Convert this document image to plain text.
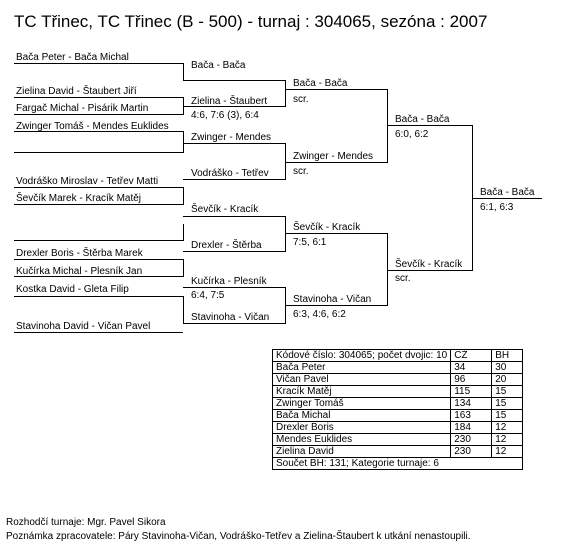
TC Třinec, TC Třinec (B - 500) - turnaj : 304065, sezóna : 2007
Bača Peter - Bača Michal
Zielina David - Štaubert Jiří
Fargač Michal - Pisárik Martin
Zwinger Tomáš - Mendes Euklides
Vodráško Miroslav - Tetřev Matti
Ševčík Marek - Kracík Matěj
Drexler Boris - Štěrba Marek
Kučírka Michal - Plesník Jan
Kostka David - Gleta Filip
Stavinoha David - Vičan Pavel
Bača - Bača
Zielina - Štaubert
4:6, 7:6 (3), 6:4
Zwinger - Mendes
Vodráško - Tetřev
Ševčík - Kracík
Drexler - Štěrba
Kučírka - Plesník
6:4, 7:5
Stavinoha - Vičan
Bača - Bača
scr.
Zwinger - Mendes
scr.
Ševčík - Kracík
7:5, 6:1
Stavinoha - Vičan
6:3, 4:6, 6:2
Bača - Bača
6:0, 6:2
Ševčík - Kracík
scr.
Bača - Bača
6:1, 6:3
Kódové číslo: 304065; počet dvojic: 10	CŽ	BH
Bača Peter	34	30
Vičan Pavel	96	20
Kracík Matěj	115	15
Zwinger Tomáš	134	15
Bača Michal	163	15
Drexler Boris	184	12
Mendes Euklides	230	12
Zielina David	230	12
Součet BH: 131; Kategorie turnaje: 6		
Rozhodčí turnaje: Mgr. Pavel Sikora
Poznámka zpracovatele: Páry Stavinoha-Vičan, Vodráško-Tetřev a Zielina-Štaubert k utkání nenastoupili.
